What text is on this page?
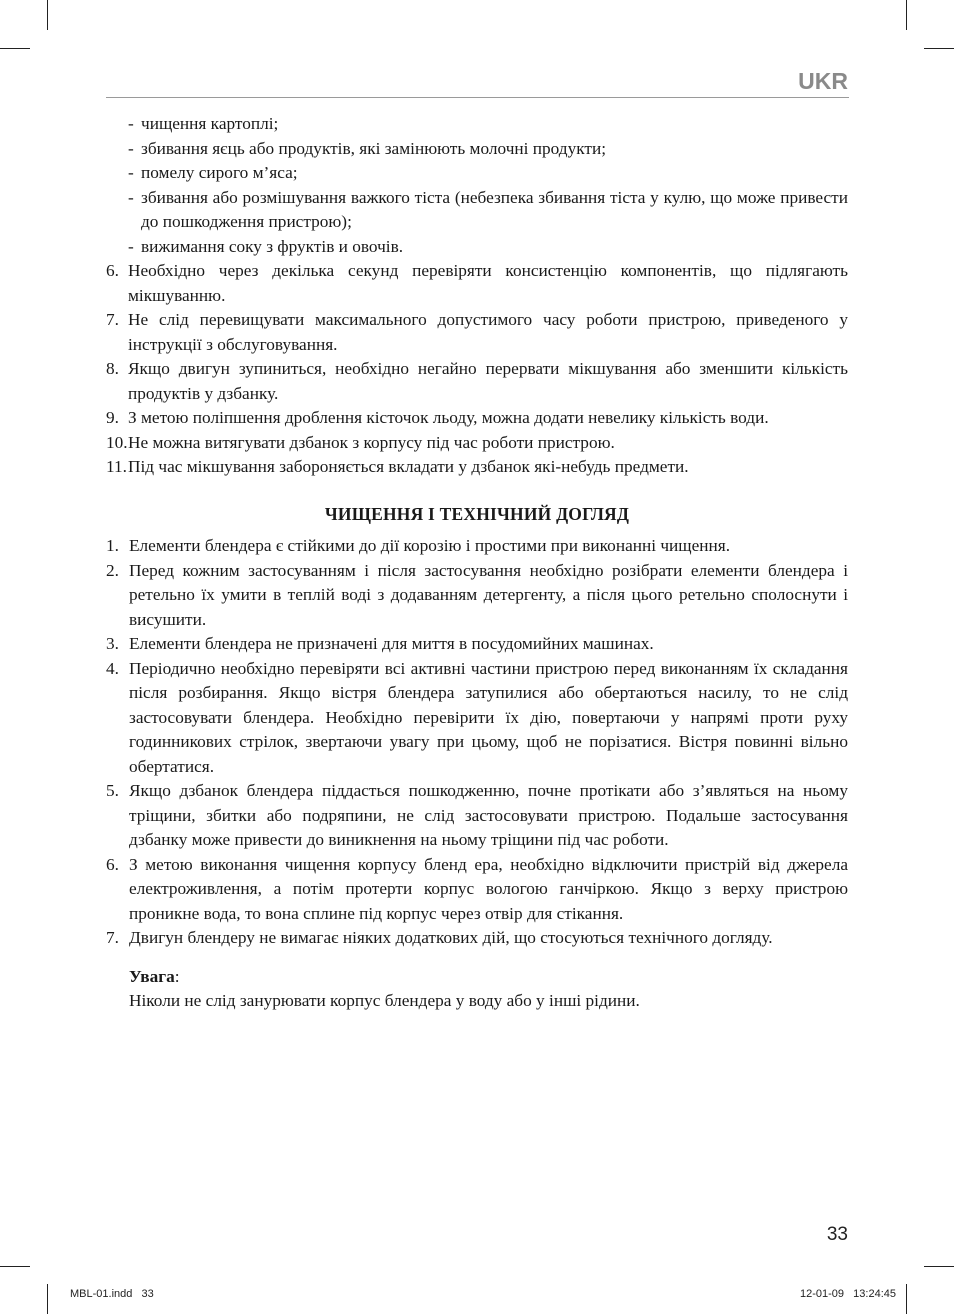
UKR
- чищення картоплі;
- збивання яєць або продуктів, які замінюють молочні продукти;
- помелу сирого м’яса;
- збивання або розмішування важкого тіста (небезпека збивання тіста у кулю, що може привести до пошкодження пристрою);
- вижимання соку з фруктів и овочів.
6. Необхідно через декілька секунд перевіряти консистенцію компонентів, що підлягають мікшуванню.
7. Не слід перевищувати максимального допустимого часу роботи пристрою, приведеного у інструкції з обслуговування.
8. Якщо двигун зупиниться, необхідно негайно перервати мікшування або зменшити кількість продуктів у дзбанку.
9. З метою поліпшення дроблення кісточок льоду, можна додати невелику кількість води.
10. Не можна витягувати дзбанок з корпусу під час роботи пристрою.
11. Під час мікшування забороняється вкладати у дзбанок які-небудь предмети.
ЧИЩЕННЯ І ТЕХНІЧНИЙ ДОГЛЯД
1. Елементи блендера є стійкими до дії корозію і простими при виконанні чищення.
2. Перед кожним застосуванням і після застосування необхідно розібрати елементи блендера і ретельно їх умити в теплій воді з додаванням детергенту, а після цього ретельно сполоснути і висушити.
3. Елементи блендера не призначені для миття в посудомийних машинах.
4. Періодично необхідно перевіряти всі активні частини пристрою перед виконанням їх складання після розбирання. Якщо вістря блендера затупилися або обертаються насилу, то не слід застосовувати блендера. Необхідно перевірити їх дію, повертаючи у напрямі проти руху годинникових стрілок, звертаючи увагу при цьому, щоб не порізатися. Вістря повинні вільно обертатися.
5. Якщо дзбанок блендера піддасться пошкодженню, почне протікати або з’являться на ньому тріщини, збитки або подряпини, не слід застосовувати пристрою. Подальше застосування дзбанку може привести до виникнення на ньому тріщини під час роботи.
6. З метою виконання чищення корпусу бленд ера, необхідно відключити пристрій від джерела електроживлення, а потім протерти корпус вологою ганчіркою. Якщо з верху пристрою проникне вода, то вона сплине під корпус через отвір для стікання.
7. Двигун блендеру не вимагає ніяких додаткових дій, що стосуються технічного догляду.
Увага:
Ніколи не слід занурювати корпус блендера у воду або у інші рідини.

33

MBL-01.indd   33	12-01-09   13:24:45
